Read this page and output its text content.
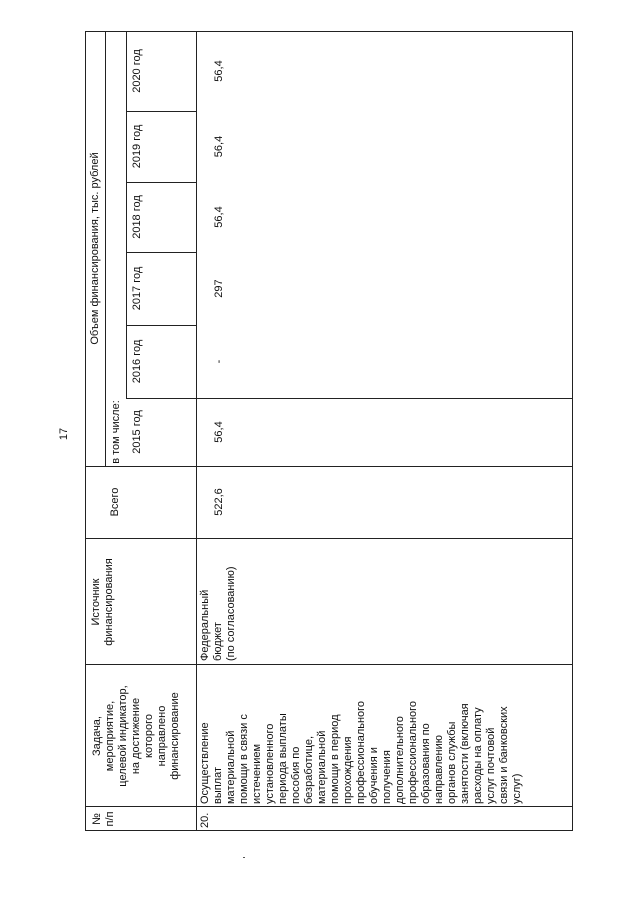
17
№ п/п
Задача, мероприятие, целевой индикатор, на достижение которого направлено финансирование
Источник финансирования
Объем финансирования, тыс. рублей
Всего
в том числе: 2015 год
2016 год
2017 год
2018 год
2019 год
2020 год
20.
Осуществление выплат материальной помощи в связи с истечением установленного периода выплаты пособия по безработице, материальной помощи в период прохождения профессионального обучения и получения дополнительного профессионального образования по направлению органов службы занятости (включая расходы на оплату услуг почтовой связи и банковских услуг)
Федеральный бюджет (по согласованию)
522,6
56,4
-
297
56,4
56,4
56,4
